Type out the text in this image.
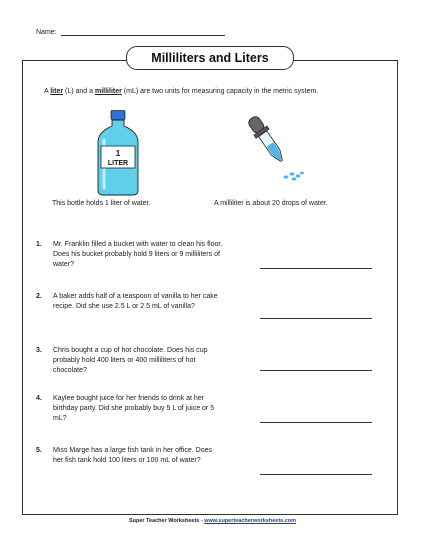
Name:
Milliliters and Liters
A liter (L) and a milliliter (mL) are two units for measuring capacity in the metric system.
1
LITER
This bottle holds 1 liter of water.	A milliliter is about 20 drops of water.
1.	Mr. Franklin filled a bucket with water to clean his floor. Does his bucket probably hold 9 liters or 9 milliliters of water?
2.	A baker adds half of a teaspoon of vanilla to her cake recipe. Did she use 2.5 L or 2.5 mL of vanilla?
3.	Chris bought a cup of hot chocolate. Does his cup probably hold 400 liters or 400 milliliters of hot chocolate?
4.	Kaylee bought juice for her friends to drink at her birthday party. Did she probably buy 5 L of juice or 5 mL?
5.	Miss Marge has a large fish tank in her office. Does her fish tank hold 100 liters or 100 mL of water?
Super Teacher Worksheets - www.superteacherworksheets.com
